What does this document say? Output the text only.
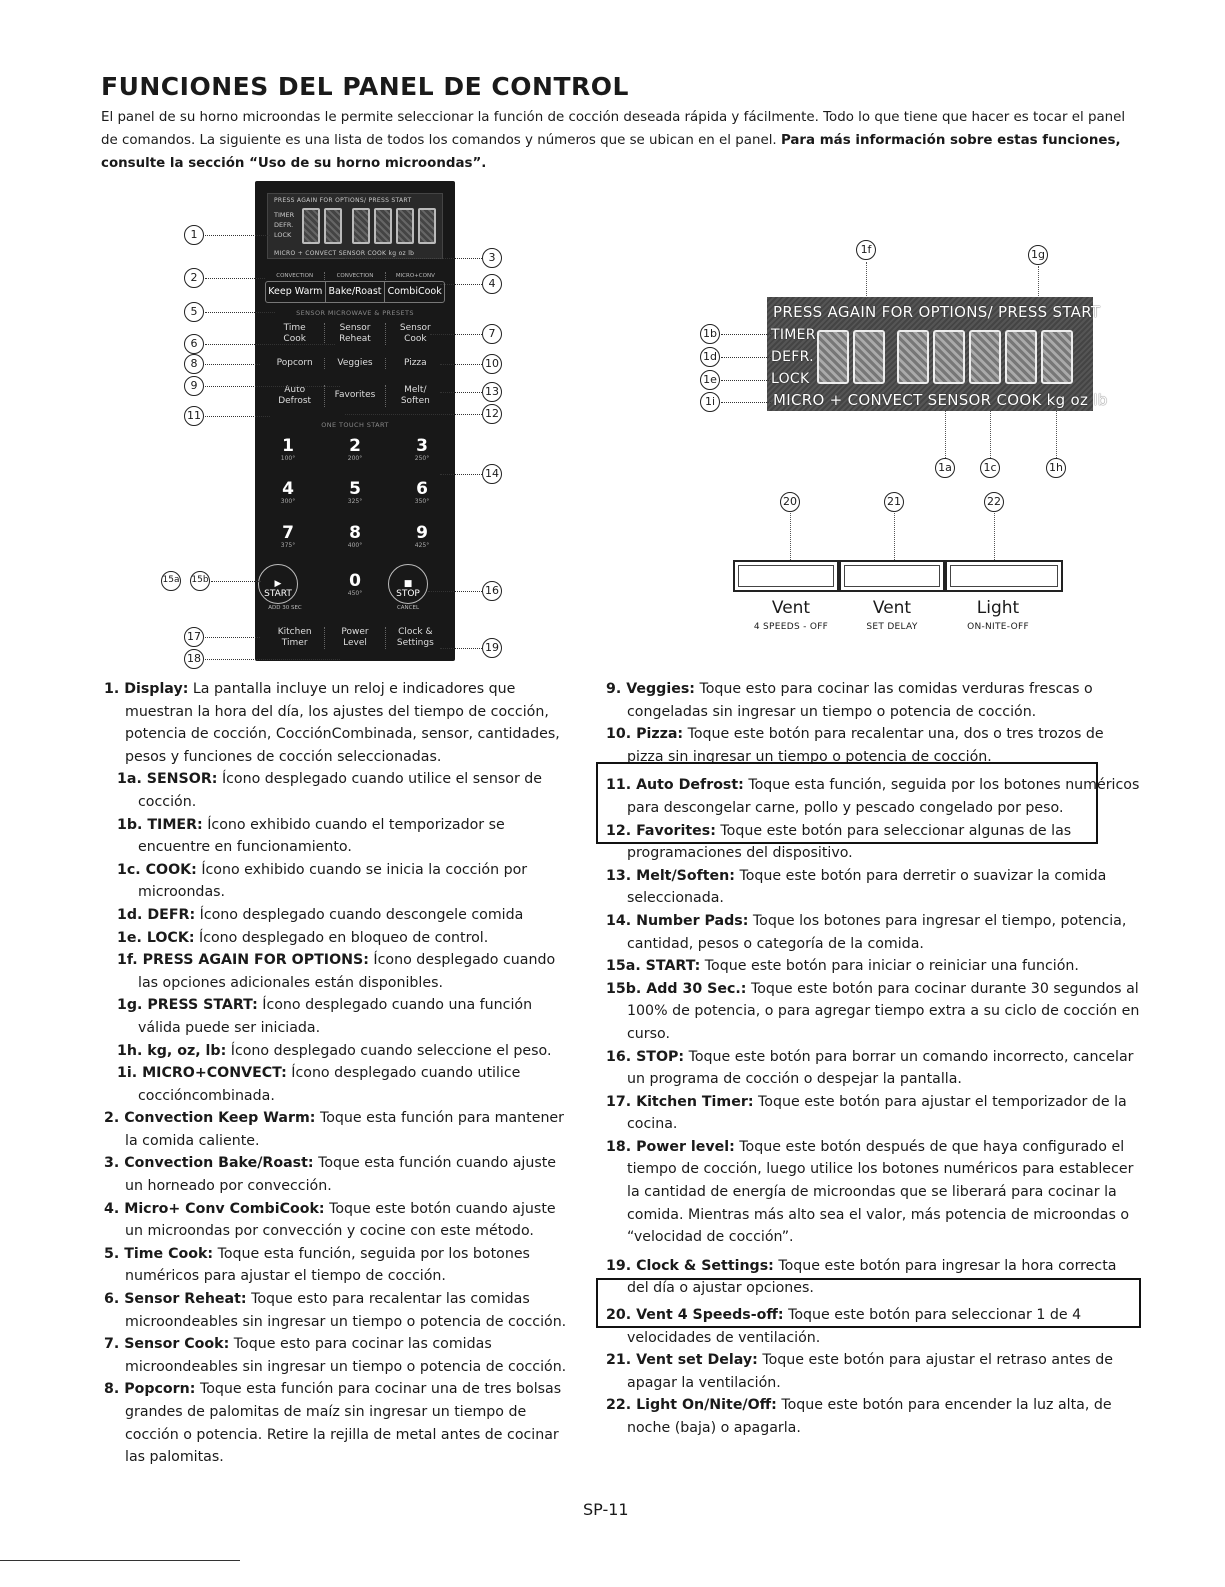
FUNCIONES DEL PANEL DE CONTROL
El panel de su horno microondas le permite seleccionar la función de cocción deseada rápida y fácilmente. Todo lo que tiene que hacer es tocar el panel de comandos. La siguiente es una lista de todos los comandos y números que se ubican en el panel. Para más información sobre estas funciones, consulte la sección “Uso de su horno microondas”.
PRESS AGAIN FOR OPTIONS/ PRESS START
TIMER
DEFR.
LOCK
MICRO + CONVECT SENSOR COOK kg oz lb
CONVECTION	CONVECTION	MICRO+CONV
Keep Warm Bake/Roast CombiCook
SENSOR MICROWAVE & PRESETS
Time
Cook
Sensor
Reheat
Sensor
Cook
Popcorn	Veggies	Pizza
Auto
Defrost
Favorites	Melt/
Soften
ONE TOUCH START
1
100°
2
200°
3
250°
4
300°
5
325°
6
350°
7
375°
8
400°
9
425°
0
450°
▶
START
ADD 30 SEC
■
STOP
CANCEL
Kitchen
Timer
Power
Level
Clock &
Settings
1
2
3
4
5
6
7
8	10
9	13
11	12
14
15a 15b
16
17
19
18
PRESS AGAIN FOR OPTIONS/ PRESS START
TIMER
DEFR.
LOCK
MICRO + CONVECT SENSOR COOK kg oz lb
1f	1g
1b
1d
1e
1i
1a	1c	1h
20	21	22
Vent
4 SPEEDS - OFF
Vent
SET DELAY
Light
ON-NITE-OFF
1. Display: La pantalla incluye un reloj e indicadores que muestran la hora del día, los ajustes del tiempo de cocción, potencia de cocción, CocciónCombinada, sensor, cantidades, pesos y funciones de cocción seleccionadas.
1a. SENSOR: Ícono desplegado cuando utilice el sensor de cocción.
1b. TIMER: Ícono exhibido cuando el temporizador se encuentre en funcionamiento.
1c. COOK: Ícono exhibido cuando se inicia la cocción por microondas.
1d. DEFR: Ícono desplegado cuando descongele comida
1e. LOCK: Ícono desplegado en bloqueo de control.
1f. PRESS AGAIN FOR OPTIONS: Ícono desplegado cuando las opciones adicionales están disponibles.
1g. PRESS START: Ícono desplegado cuando una función válida puede ser iniciada.
1h. kg, oz, lb: Ícono desplegado cuando seleccione el peso.
1i. MICRO+CONVECT: Ícono desplegado cuando utilice coccióncombinada.
2. Convection Keep Warm: Toque esta función para mantener la comida caliente.
3. Convection Bake/Roast: Toque esta función cuando ajuste un horneado por convección.
4. Micro+ Conv CombiCook: Toque este botón cuando ajuste un microondas por convección y cocine con este método.
5. Time Cook: Toque esta función, seguida por los botones numéricos para ajustar el tiempo de cocción.
6. Sensor Reheat: Toque esto para recalentar las comidas microondeables sin ingresar un tiempo o potencia de cocción.
7. Sensor Cook: Toque esto para cocinar las comidas microondeables sin ingresar un tiempo o potencia de cocción.
8. Popcorn: Toque esta función para cocinar una de tres bolsas grandes de palomitas de maíz sin ingresar un tiempo de cocción o potencia. Retire la rejilla de metal antes de cocinar las palomitas.
9. Veggies: Toque esto para cocinar las comidas verduras frescas o congeladas sin ingresar un tiempo o potencia de cocción.
10. Pizza: Toque este botón para recalentar una, dos o tres trozos de pizza sin ingresar un tiempo o potencia de cocción.
11. Auto Defrost: Toque esta función, seguida por los botones numéricos para descongelar carne, pollo y pescado congelado por peso.
12. Favorites: Toque este botón para seleccionar algunas de las programaciones del dispositivo.
13. Melt/Soften: Toque este botón para derretir o suavizar la comida seleccionada.
14. Number Pads: Toque los botones para ingresar el tiempo, potencia, cantidad, pesos o categoría de la comida.
15a. START: Toque este botón para iniciar o reiniciar una función.
15b. Add 30 Sec.: Toque este botón para cocinar durante 30 segundos al 100% de potencia, o para agregar tiempo extra a su ciclo de cocción en curso.
16. STOP: Toque este botón para borrar un comando incorrecto, cancelar un programa de cocción o despejar la pantalla.
17. Kitchen Timer: Toque este botón para ajustar el temporizador de la cocina.
18. Power level: Toque este botón después de que haya configurado el tiempo de cocción, luego utilice los botones numéricos para establecer la cantidad de energía de microondas que se liberará para cocinar la comida. Mientras más alto sea el valor, más potencia de microondas o “velocidad de cocción”.
19. Clock & Settings: Toque este botón para ingresar la hora correcta del día o ajustar opciones.
20. Vent 4 Speeds-off: Toque este botón para seleccionar 1 de 4 velocidades de ventilación.
21. Vent set Delay: Toque este botón para ajustar el retraso antes de apagar la ventilación.
22. Light On/Nite/Off: Toque este botón para encender la luz alta, de noche (baja) o apagarla.
SP-11
